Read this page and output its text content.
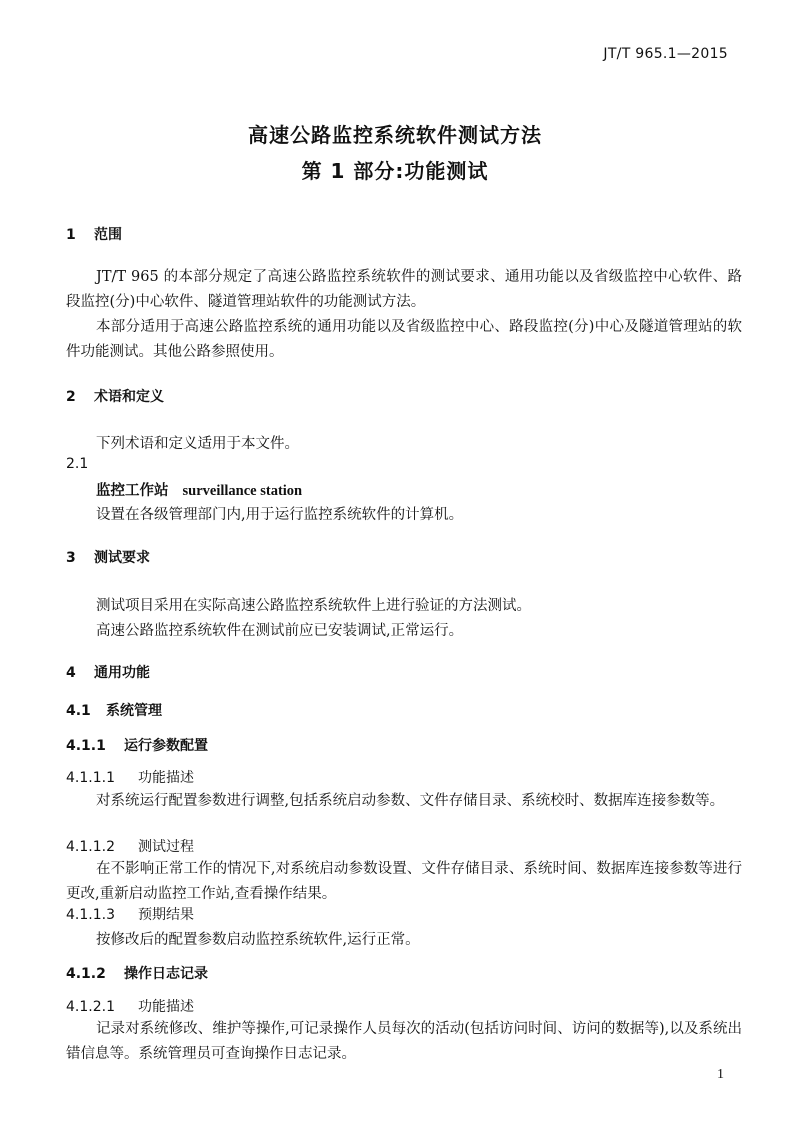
JT/T 965.1—2015
高速公路监控系统软件测试方法
第 1 部分:功能测试
1 范围
JT/T 965 的本部分规定了高速公路监控系统软件的测试要求、通用功能以及省级监控中心软件、路段监控(分)中心软件、隧道管理站软件的功能测试方法。
本部分适用于高速公路监控系统的通用功能以及省级监控中心、路段监控(分)中心及隧道管理站的软件功能测试。其他公路参照使用。
2 术语和定义
下列术语和定义适用于本文件。
2.1
监控工作站 surveillance station
设置在各级管理部门内,用于运行监控系统软件的计算机。
3 测试要求
测试项目采用在实际高速公路监控系统软件上进行验证的方法测试。
高速公路监控系统软件在测试前应已安装调试,正常运行。
4 通用功能
4.1 系统管理
4.1.1 运行参数配置
4.1.1.1 功能描述
对系统运行配置参数进行调整,包括系统启动参数、文件存储目录、系统校时、数据库连接参数等。
4.1.1.2 测试过程
在不影响正常工作的情况下,对系统启动参数设置、文件存储目录、系统时间、数据库连接参数等进行更改,重新启动监控工作站,查看操作结果。
4.1.1.3 预期结果
按修改后的配置参数启动监控系统软件,运行正常。
4.1.2 操作日志记录
4.1.2.1 功能描述
记录对系统修改、维护等操作,可记录操作人员每次的活动(包括访问时间、访问的数据等),以及系统出错信息等。系统管理员可查询操作日志记录。
1
